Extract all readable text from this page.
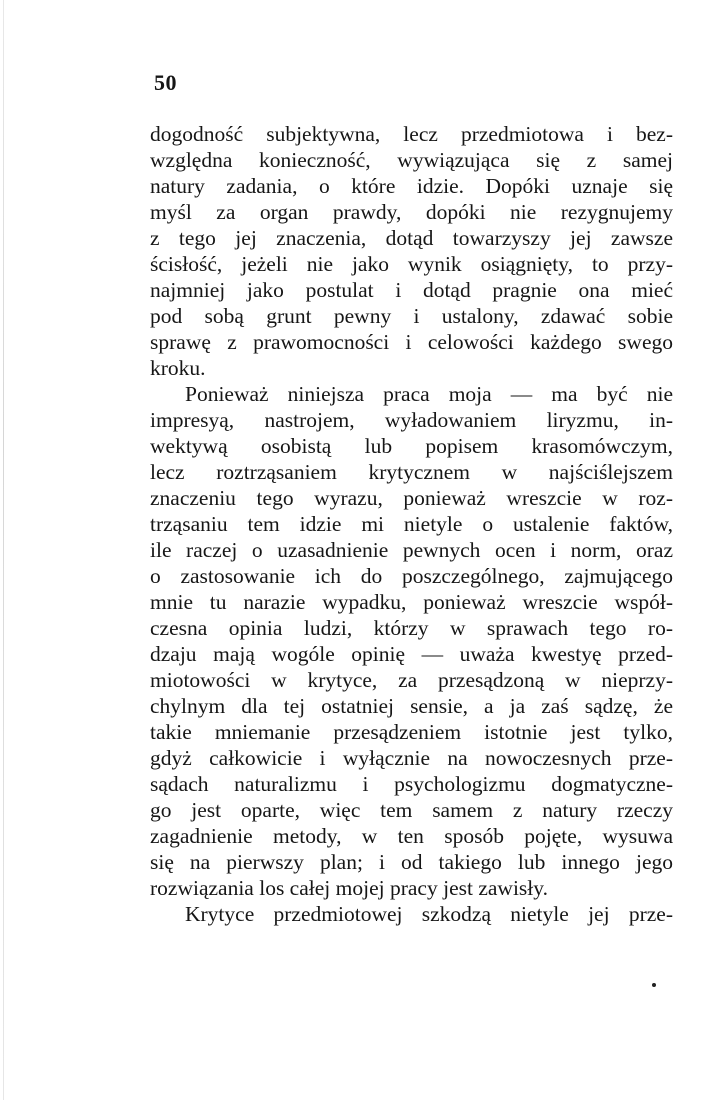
50
dogodność subjektywna, lecz przedmiotowa i bez-
względna konieczność, wywiązująca się z samej
natury zadania, o które idzie. Dopóki uznaje się
myśl za organ prawdy, dopóki nie rezygnujemy
z tego jej znaczenia, dotąd towarzyszy jej zawsze
ścisłość, jeżeli nie jako wynik osiągnięty, to przy-
najmniej jako postulat i dotąd pragnie ona mieć
pod sobą grunt pewny i ustalony, zdawać sobie
sprawę z prawomocności i celowości każdego swego
kroku.
Ponieważ niniejsza praca moja — ma być nie
impresyą, nastrojem, wyładowaniem liryzmu, in-
wektywą osobistą lub popisem krasomówczym,
lecz roztrząsaniem krytycznem w najściślejszem
znaczeniu tego wyrazu, ponieważ wreszcie w roz-
trząsaniu tem idzie mi nietyle o ustalenie faktów,
ile raczej o uzasadnienie pewnych ocen i norm, oraz
o zastosowanie ich do poszczególnego, zajmującego
mnie tu narazie wypadku, ponieważ wreszcie współ-
czesna opinia ludzi, którzy w sprawach tego ro-
dzaju mają wogóle opinię — uważa kwestyę przed-
miotowości w krytyce, za przesądzoną w nieprzy-
chylnym dla tej ostatniej sensie, a ja zaś sądzę, że
takie mniemanie przesądzeniem istotnie jest tylko,
gdyż całkowicie i wyłącznie na nowoczesnych prze-
sądach naturalizmu i psychologizmu dogmatyczne-
go jest oparte, więc tem samem z natury rzeczy
zagadnienie metody, w ten sposób pojęte, wysuwa
się na pierwszy plan; i od takiego lub innego jego
rozwiązania los całej mojej pracy jest zawisły.
Krytyce przedmiotowej szkodzą nietyle jej prze-
